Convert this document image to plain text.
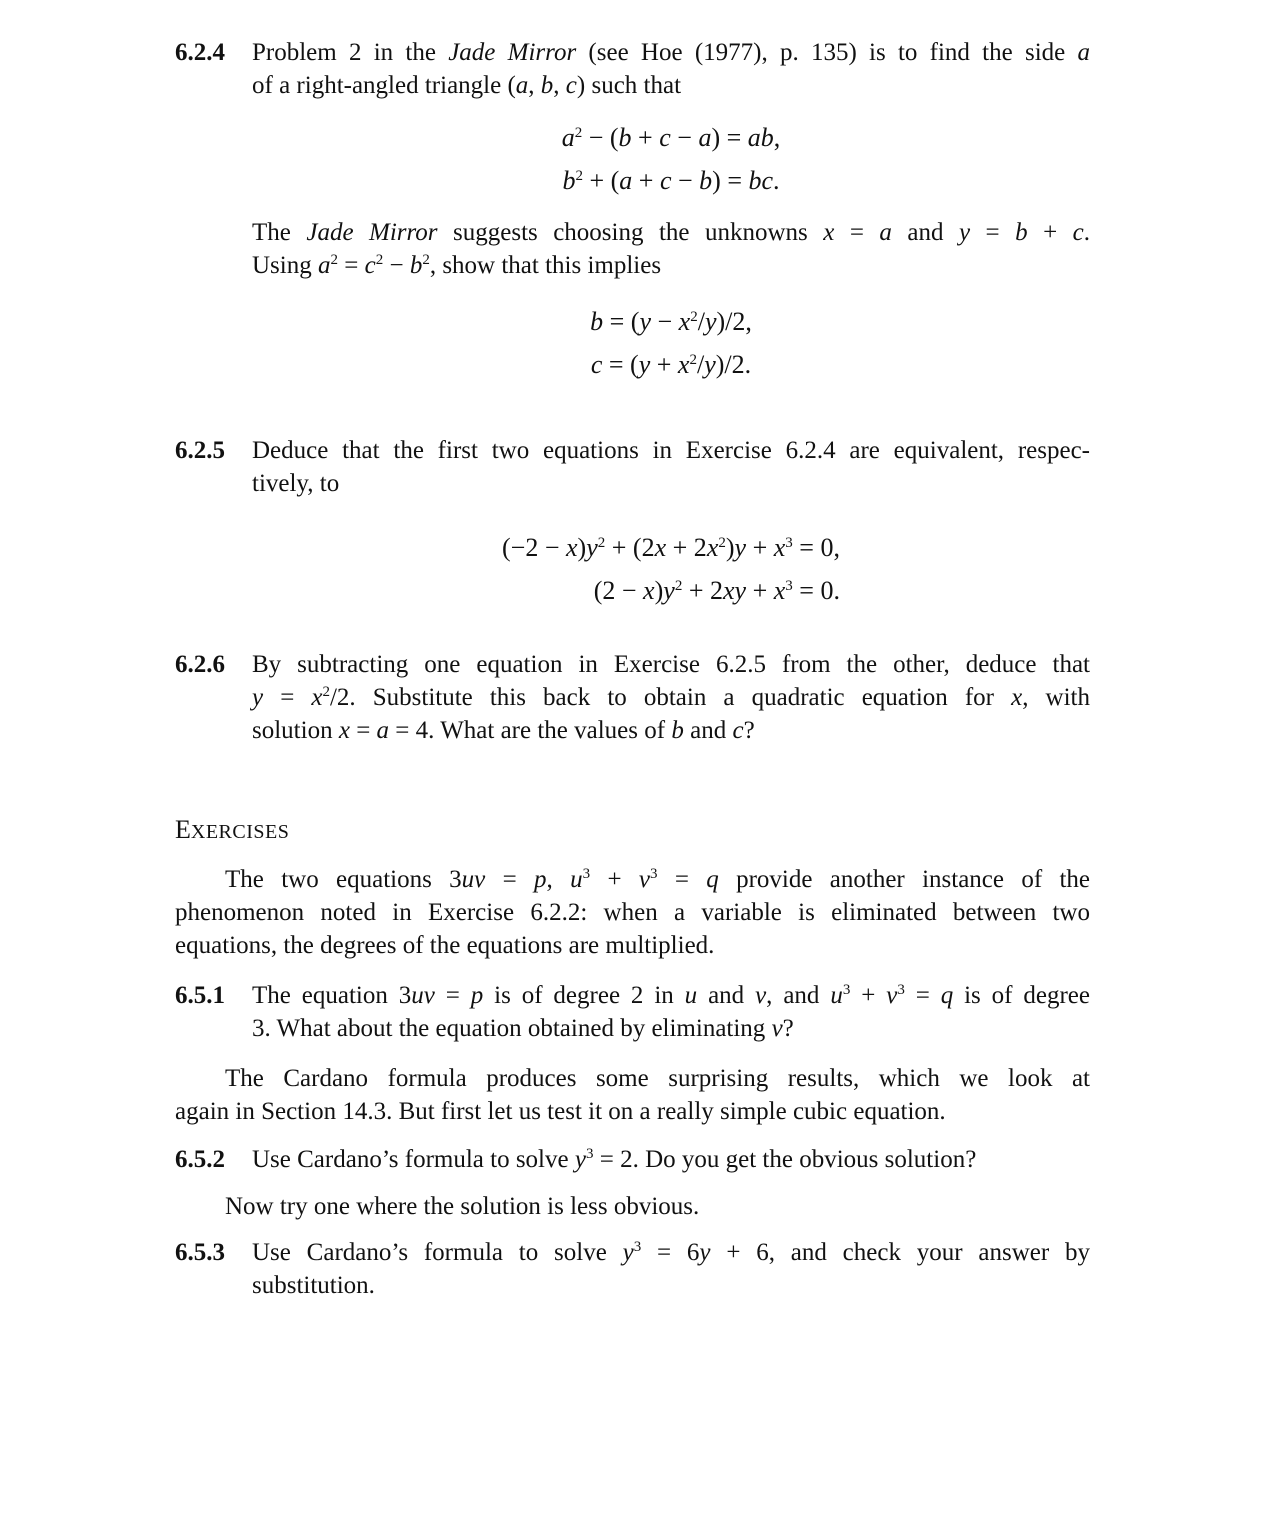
6.2.4 Problem 2 in the Jade Mirror (see Hoe (1977), p. 135) is to find the side a
of a right-angled triangle (a, b, c) such that
$a^2 - (b + c - a)$ = ab,
$b^2 + (a + c - b)$ = bc.
The Jade Mirror suggests choosing the unknowns x = a and y = b + c.
Using $a^2 = c^2 - b^2$, show that this implies
$b = (y - x^2/y)/2$,
$c = (y + x^2/y)/2$.
6.2.5 Deduce that the first two equations in Exercise 6.2.4 are equivalent, respec-
tively, to
$(-2 - x)y^2 + (2x + 2x^2)y + x^3 = 0$,
$(2 - x)y^2 + 2xy + x^3 = 0$.
6.2.6 By subtracting one equation in Exercise 6.2.5 from the other, deduce that
$y = x^2/2$. Substitute this back to obtain a quadratic equation for x, with
solution x = a = 4. What are the values of b and c?
EXERCISES
The two equations 3uv = p, $u^3 + v^3 = q$ provide another instance of the
phenomenon noted in Exercise 6.2.2: when a variable is eliminated between two
equations, the degrees of the equations are multiplied.
6.5.1 The equation 3uv = p is of degree 2 in u and v, and $u^3 + v^3 = q$ is of degree
3. What about the equation obtained by eliminating v?
The Cardano formula produces some surprising results, which we look at
again in Section 14.3. But first let us test it on a really simple cubic equation.
6.5.2 Use Cardano’s formula to solve $y^3 = 2$. Do you get the obvious solution?
Now try one where the solution is less obvious.
6.5.3 Use Cardano’s formula to solve $y^3 = 6y + 6$, and check your answer by
substitution.
